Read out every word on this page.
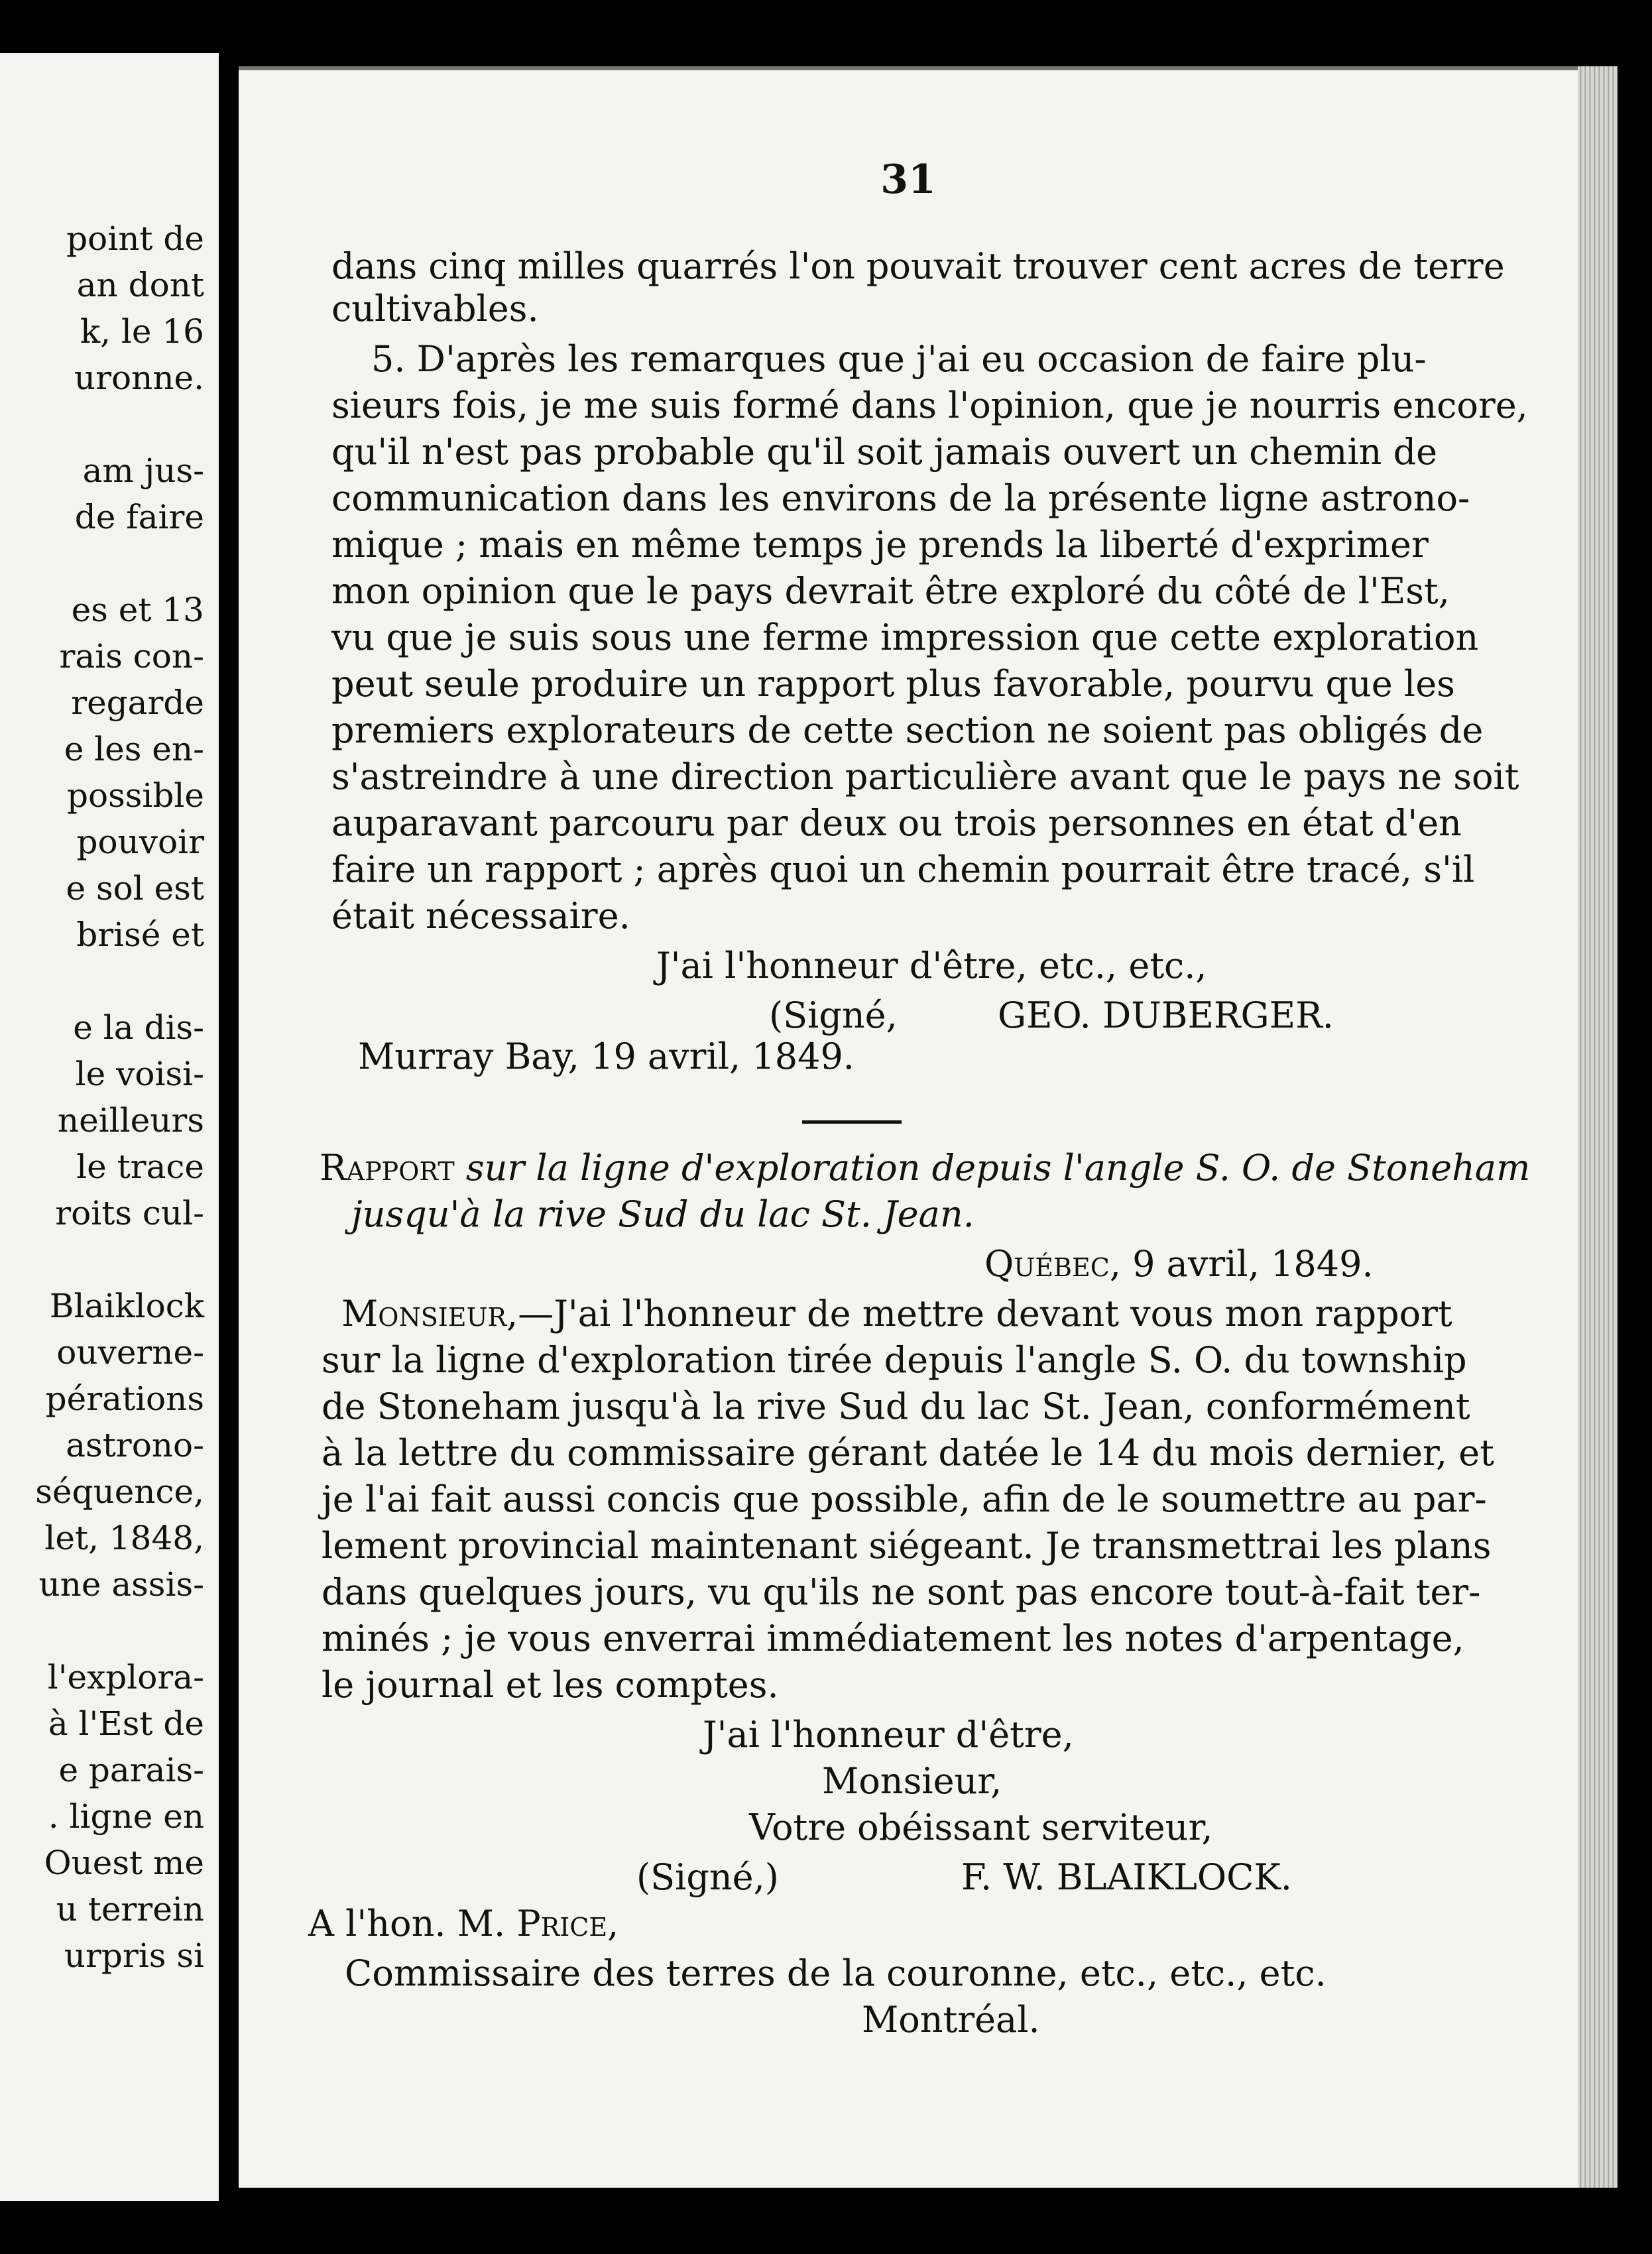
point de
an dont
k, le 16
uronne.
am jus-
de faire
es et 13
rais con-
regarde
e les en-
possible
pouvoir
e sol est
brisé et
e la dis-
le voisi-
neilleurs
le trace
roits cul-
Blaiklock
ouverne-
pérations
astrono-
séquence,
let, 1848,
une assis-
l'explora-
à l'Est de
e parais-
. ligne en
Ouest me
u terrein
urpris si
31
dans cinq milles quarrés l'on pouvait trouver cent acres de terre
cultivables.
5. D'après les remarques que j'ai eu occasion de faire plu-
sieurs fois, je me suis formé dans l'opinion, que je nourris encore,
qu'il n'est pas probable qu'il soit jamais ouvert un chemin de
communication dans les environs de la présente ligne astrono-
mique ; mais en même temps je prends la liberté d'exprimer
mon opinion que le pays devrait être exploré du côté de l'Est,
vu que je suis sous une ferme impression que cette exploration
peut seule produire un rapport plus favorable, pourvu que les
premiers explorateurs de cette section ne soient pas obligés de
s'astreindre à une direction particulière avant que le pays ne soit
auparavant parcouru par deux ou trois personnes en état d'en
faire un rapport ; après quoi un chemin pourrait être tracé, s'il
était nécessaire.
J'ai l'honneur d'être, etc., etc.,
(Signé,	GEO. DUBERGER.
Murray Bay, 19 avril, 1849.
Rapport sur la ligne d'exploration depuis l'angle S. O. de Stoneham
jusqu'à la rive Sud du lac St. Jean.
Québec, 9 avril, 1849.
Monsieur,—J'ai l'honneur de mettre devant vous mon rapport
sur la ligne d'exploration tirée depuis l'angle S. O. du township
de Stoneham jusqu'à la rive Sud du lac St. Jean, conformément
à la lettre du commissaire gérant datée le 14 du mois dernier, et
je l'ai fait aussi concis que possible, afin de le soumettre au par-
lement provincial maintenant siégeant. Je transmettrai les plans
dans quelques jours, vu qu'ils ne sont pas encore tout-à-fait ter-
minés ; je vous enverrai immédiatement les notes d'arpentage,
le journal et les comptes.
J'ai l'honneur d'être,
Monsieur,
Votre obéissant serviteur,
(Signé,)	F. W. BLAIKLOCK.
A l'hon. M. Price,
Commissaire des terres de la couronne, etc., etc., etc.
Montréal.
